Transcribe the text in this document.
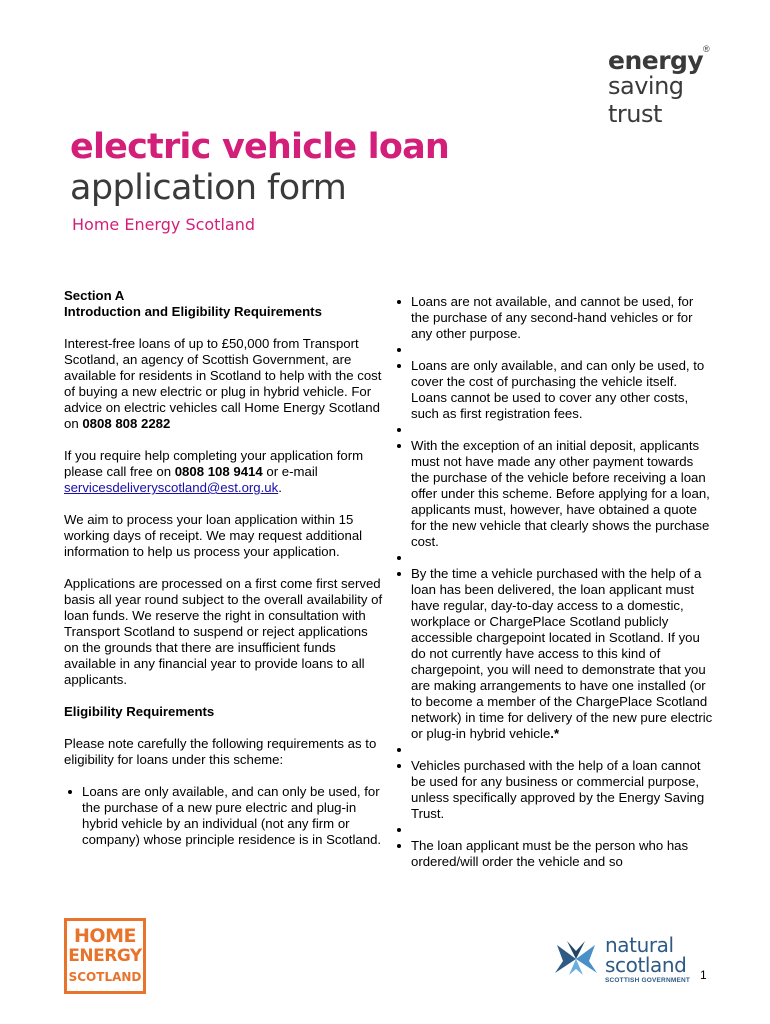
energy ®
saving
trust
electric vehicle loan
application form
Home Energy Scotland

Section A

Introduction and Eligibility Requirements

Interest-free loans of up to £50,000 from Transport Scotland, an agency of Scottish Government, are available for residents in Scotland to help with the cost of buying a new electric or plug in hybrid vehicle. For advice on electric vehicles call Home Energy Scotland on 0808 808 2282

If you require help completing your application form please call free on 0808 108 9414 or e-mail servicesdeliveryscotland@est.org.uk.

We aim to process your loan application within 15 working days of receipt. We may request additional information to help us process your application.

Applications are processed on a first come first served basis all year round subject to the overall availability of loan funds. We reserve the right in consultation with Transport Scotland to suspend or reject applications on the grounds that there are insufficient funds available in any financial year to provide loans to all applicants.

Eligibility Requirements

Please note carefully the following requirements as to eligibility for loans under this scheme:

Loans are only available, and can only be used, for the purchase of a new pure electric and plug-in hybrid vehicle by an individual (not any firm or company) whose principle residence is in Scotland.
Loans are not available, and cannot be used, for the purchase of any second-hand vehicles or for any other purpose.
Loans are only available, and can only be used, to cover the cost of purchasing the vehicle itself. Loans cannot be used to cover any other costs, such as first registration fees.
With the exception of an initial deposit, applicants must not have made any other payment towards the purchase of the vehicle before receiving a loan offer under this scheme. Before applying for a loan, applicants must, however, have obtained a quote for the new vehicle that clearly shows the purchase cost.
By the time a vehicle purchased with the help of a loan has been delivered, the loan applicant must have regular, day-to-day access to a domestic, workplace or ChargePlace Scotland publicly accessible chargepoint located in Scotland. If you do not currently have access to this kind of chargepoint, you will need to demonstrate that you are making arrangements to have one installed (or to become a member of the ChargePlace Scotland network) in time for delivery of the new pure electric or plug-in hybrid vehicle.*
Vehicles purchased with the help of a loan cannot be used for any business or commercial purpose, unless specifically approved by the Energy Saving Trust.
The loan applicant must be the person who has ordered/will order the vehicle and so
HOME
ENERGY
SCOTLAND
natural
scotland
SCOTTISH GOVERNMENT 1
